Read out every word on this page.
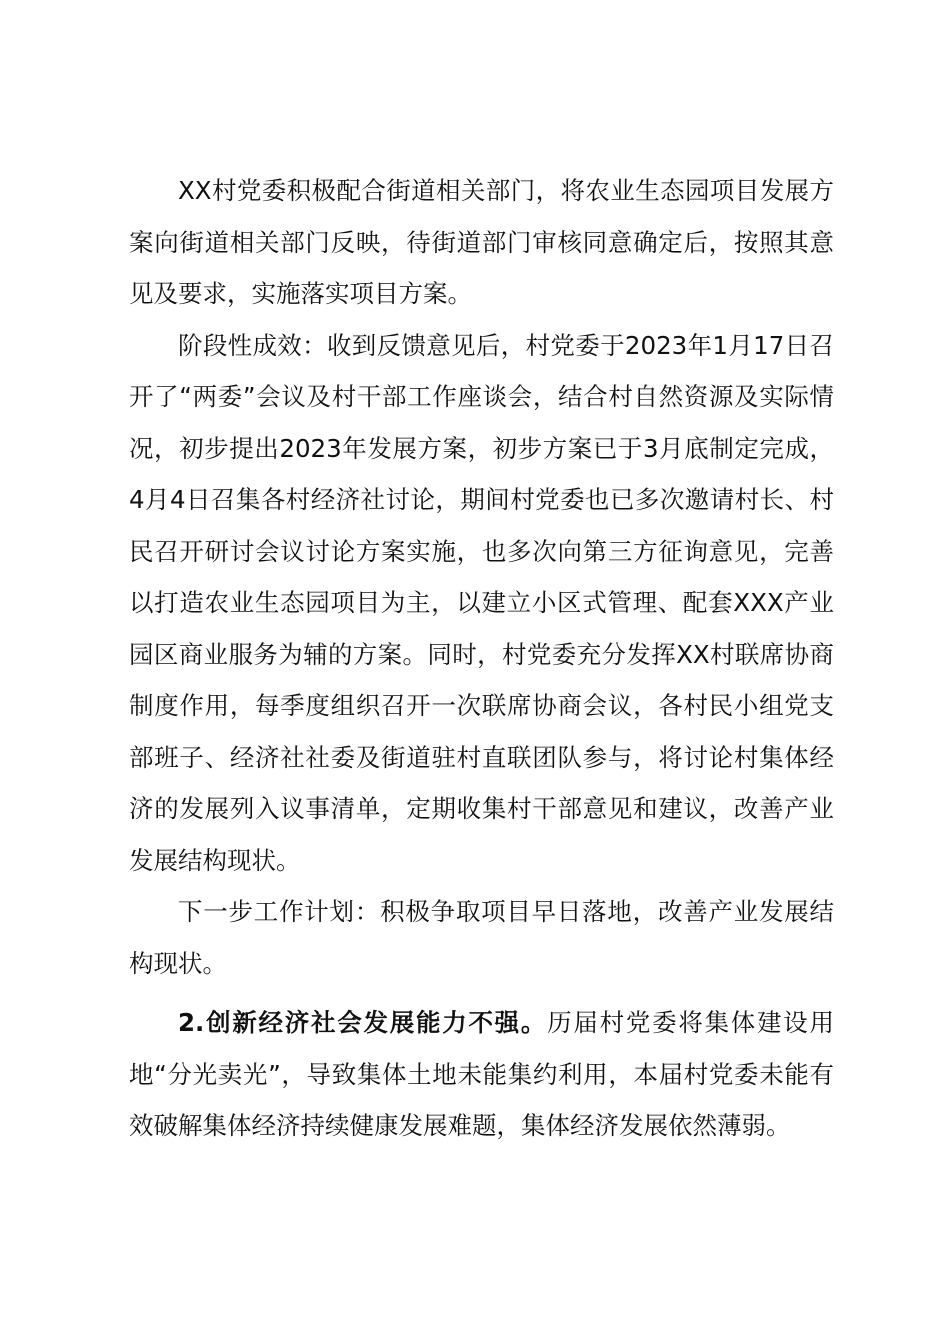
XX村党委积极配合街道相关部门，将农业生态园项目发展方案向街道相关部门反映，待街道部门审核同意确定后，按照其意见及要求，实施落实项目方案。

阶段性成效：收到反馈意见后，村党委于2023年1月17日召开了“两委”会议及村干部工作座谈会，结合村自然资源及实际情况，初步提出2023年发展方案，初步方案已于3月底制定完成，4月4日召集各村经济社讨论，期间村党委也已多次邀请村长、村民召开研讨会议讨论方案实施，也多次向第三方征询意见，完善以打造农业生态园项目为主，以建立小区式管理、配套XXX产业园区商业服务为辅的方案。同时，村党委充分发挥XX村联席协商制度作用，每季度组织召开一次联席协商会议，各村民小组党支部班子、经济社社委及街道驻村直联团队参与，将讨论村集体经济的发展列入议事清单，定期收集村干部意见和建议，改善产业发展结构现状。

下一步工作计划：积极争取项目早日落地，改善产业发展结构现状。

2.创新经济社会发展能力不强。历届村党委将集体建设用地“分光卖光”，导致集体土地未能集约利用，本届村党委未能有效破解集体经济持续健康发展难题，集体经济发展依然薄弱。
